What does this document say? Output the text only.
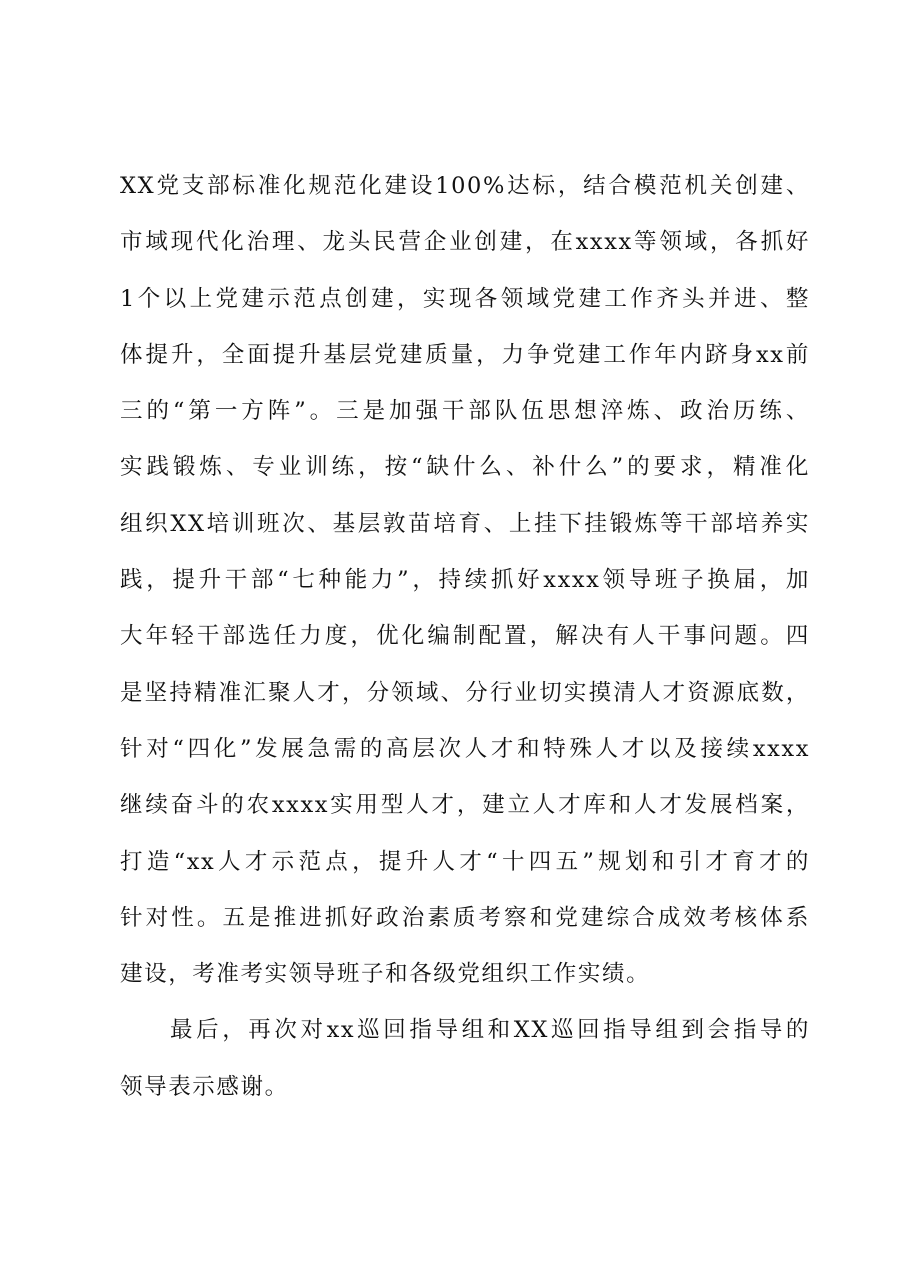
XX党支部标准化规范化建设100%达标，结合模范机关创建、
市域现代化治理、龙头民营企业创建，在xxxx等领域，各抓好
1个以上党建示范点创建，实现各领域党建工作齐头并进、整
体提升，全面提升基层党建质量，力争党建工作年内跻身xx前
三的“第一方阵”。三是加强干部队伍思想淬炼、政治历练、
实践锻炼、专业训练，按“缺什么、补什么”的要求，精准化
组织XX培训班次、基层敦苗培育、上挂下挂锻炼等干部培养实
践，提升干部“七种能力”，持续抓好xxxx领导班子换届，加
大年轻干部选任力度，优化编制配置，解决有人干事问题。四
是坚持精准汇聚人才，分领域、分行业切实摸清人才资源底数，
针对“四化”发展急需的高层次人才和特殊人才以及接续xxxx
继续奋斗的农xxxx实用型人才，建立人才库和人才发展档案，
打造“xx人才示范点，提升人才“十四五”规划和引才育才的
针对性。五是推进抓好政治素质考察和党建综合成效考核体系
建设，考准考实领导班子和各级党组织工作实绩。
最后，再次对xx巡回指导组和XX巡回指导组到会指导的
领导表示感谢。
